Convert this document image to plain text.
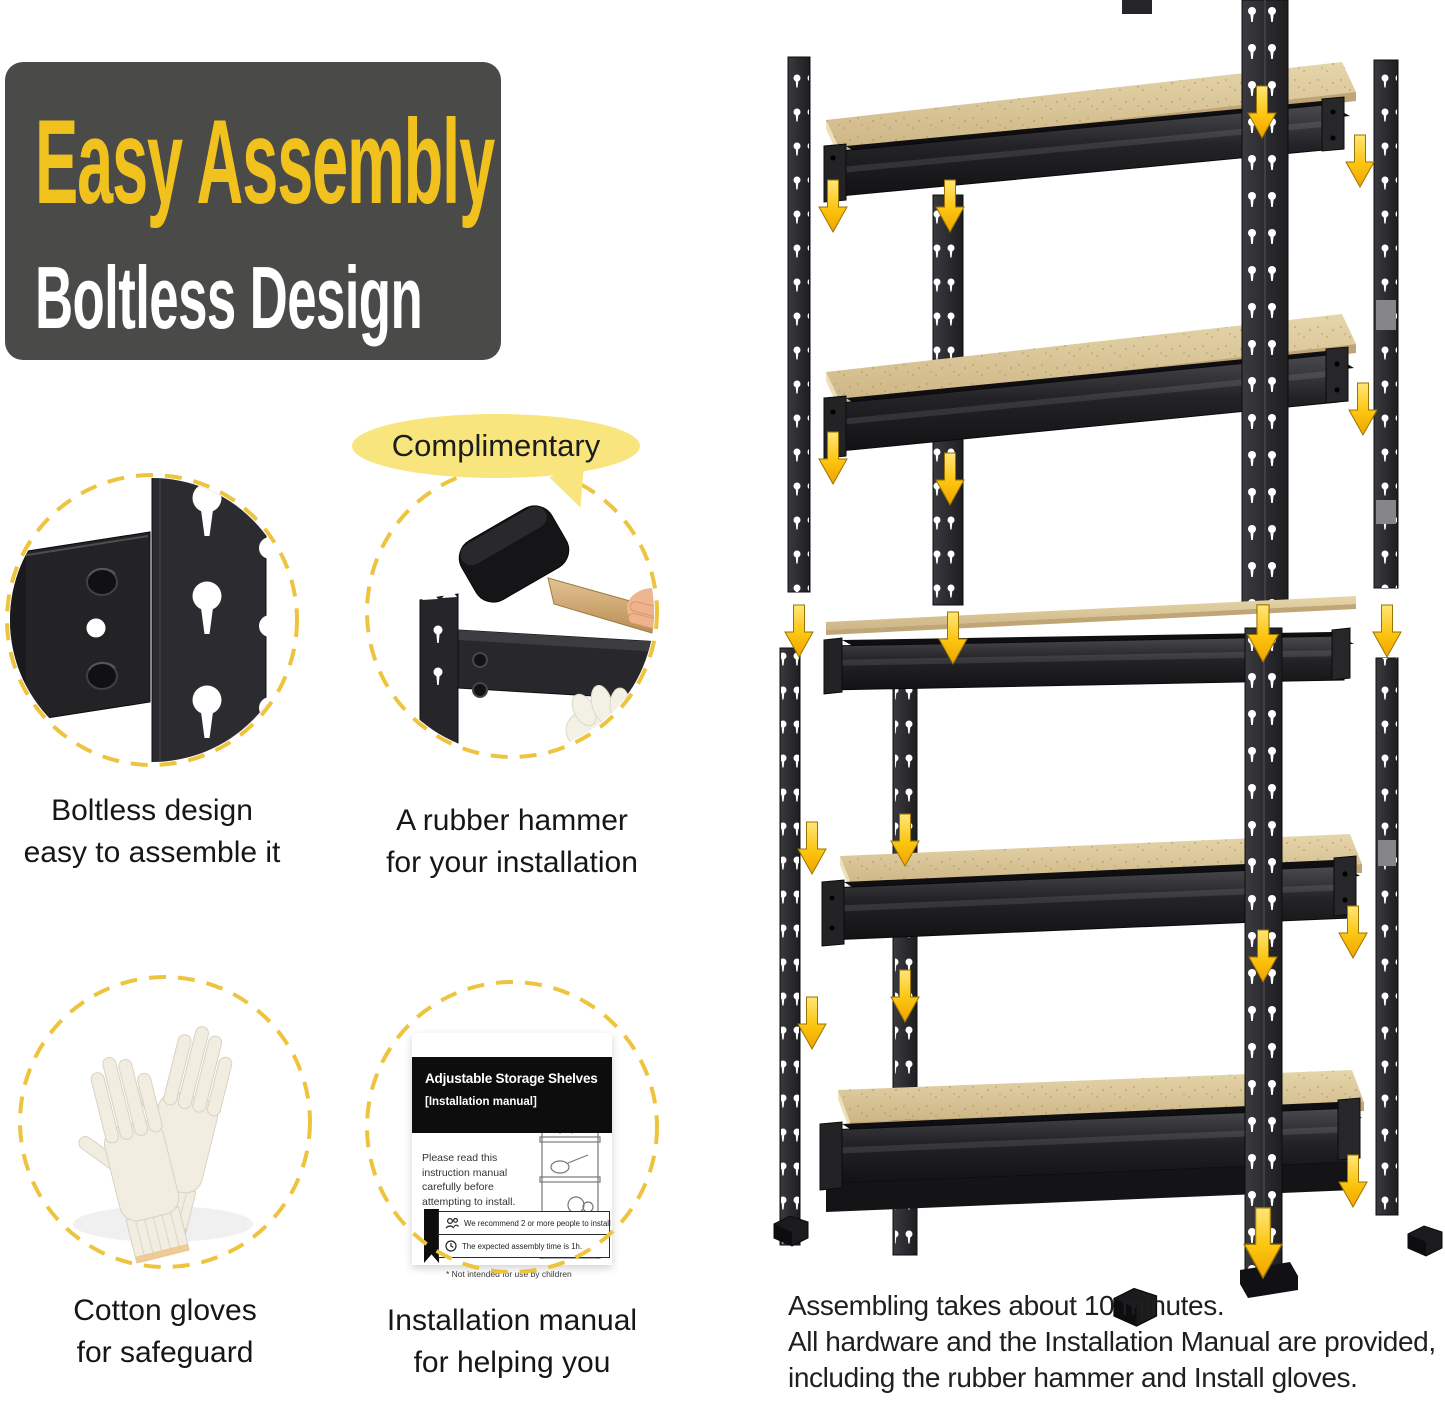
Easy Assembly
Boltless Design
Boltless design
easy to assemble it
A rubber hammer
for your installation
Complimentary
Cotton gloves
for safeguard
Adjustable Storage Shelves
[Installation manual]
Please read this instruction manual carefully before attempting to install.
We recommend 2 or more people to install
The expected assembly time is 1h.
* Not intended for use by children
Installation manual
for helping you
Assembling takes about 10 minutes.
All hardware and the Installation Manual are provided,
including the rubber hammer and Install gloves.
